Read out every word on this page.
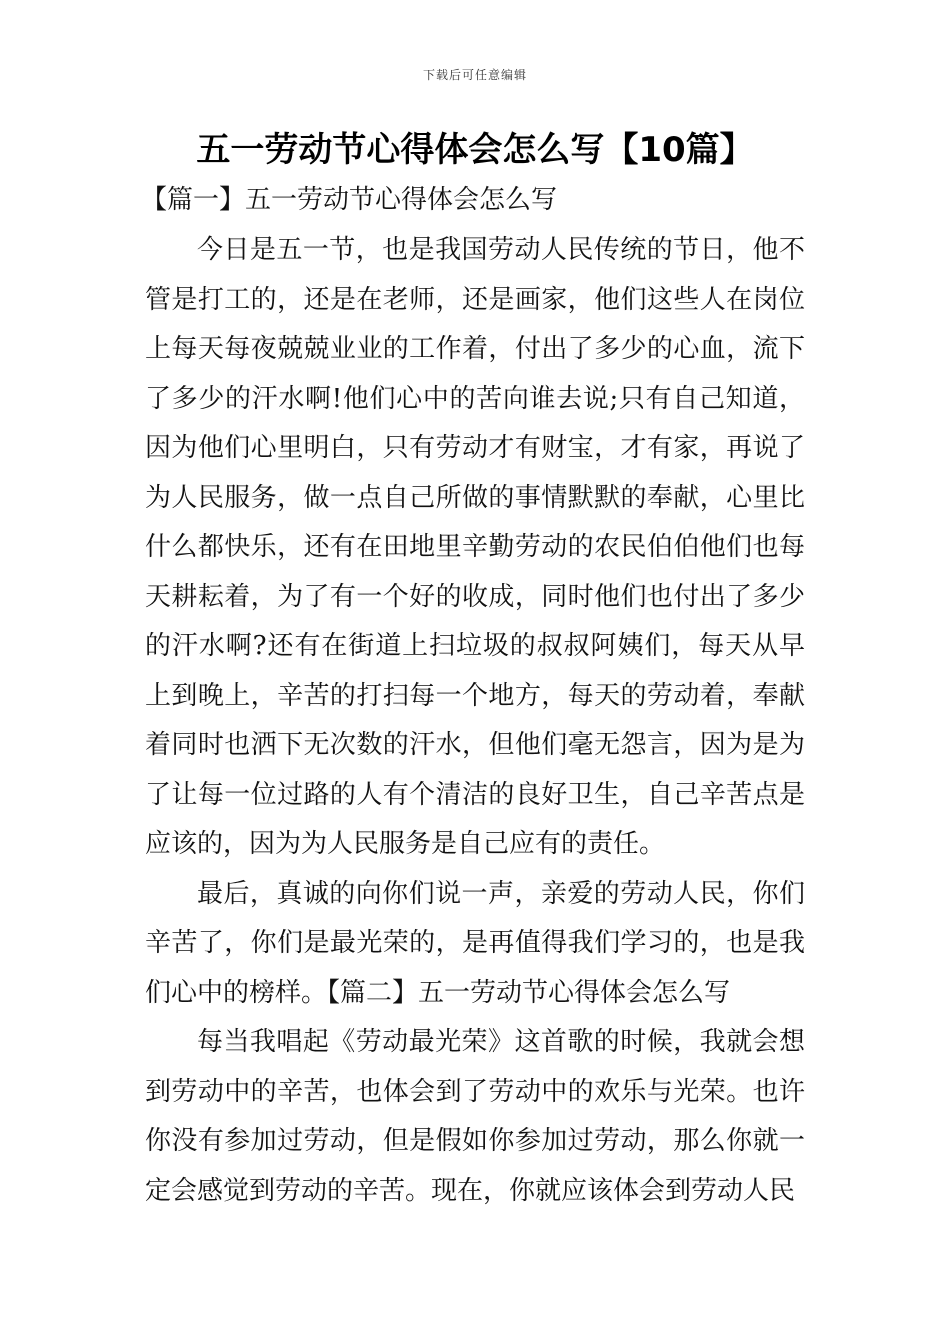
下载后可任意编辑
五一劳动节心得体会怎么写【10篇】
【篇一】五一劳动节心得体会怎么写

今日是五一节，也是我国劳动人民传统的节日，他不管是打工的，还是在老师，还是画家，他们这些人在岗位上每天每夜兢兢业业的工作着，付出了多少的心血，流下了多少的汗水啊!他们心中的苦向谁去说;只有自己知道，因为他们心里明白，只有劳动才有财宝，才有家，再说了为人民服务，做一点自己所做的事情默默的奉献，心里比什么都快乐，还有在田地里辛勤劳动的农民伯伯他们也每天耕耘着，为了有一个好的收成，同时他们也付出了多少的汗水啊?还有在街道上扫垃圾的叔叔阿姨们，每天从早上到晚上，辛苦的打扫每一个地方，每天的劳动着，奉献着同时也洒下无次数的汗水，但他们毫无怨言，因为是为了让每一位过路的人有个清洁的良好卫生，自己辛苦点是应该的，因为为人民服务是自己应有的责任。

最后，真诚的向你们说一声，亲爱的劳动人民，你们辛苦了，你们是最光荣的，是再值得我们学习的，也是我们心中的榜样。【篇二】五一劳动节心得体会怎么写

每当我唱起《劳动最光荣》这首歌的时候，我就会想到劳动中的辛苦，也体会到了劳动中的欢乐与光荣。也许你没有参加过劳动，但是假如你参加过劳动，那么你就一定会感觉到劳动的辛苦。现在，你就应该体会到劳动人民
